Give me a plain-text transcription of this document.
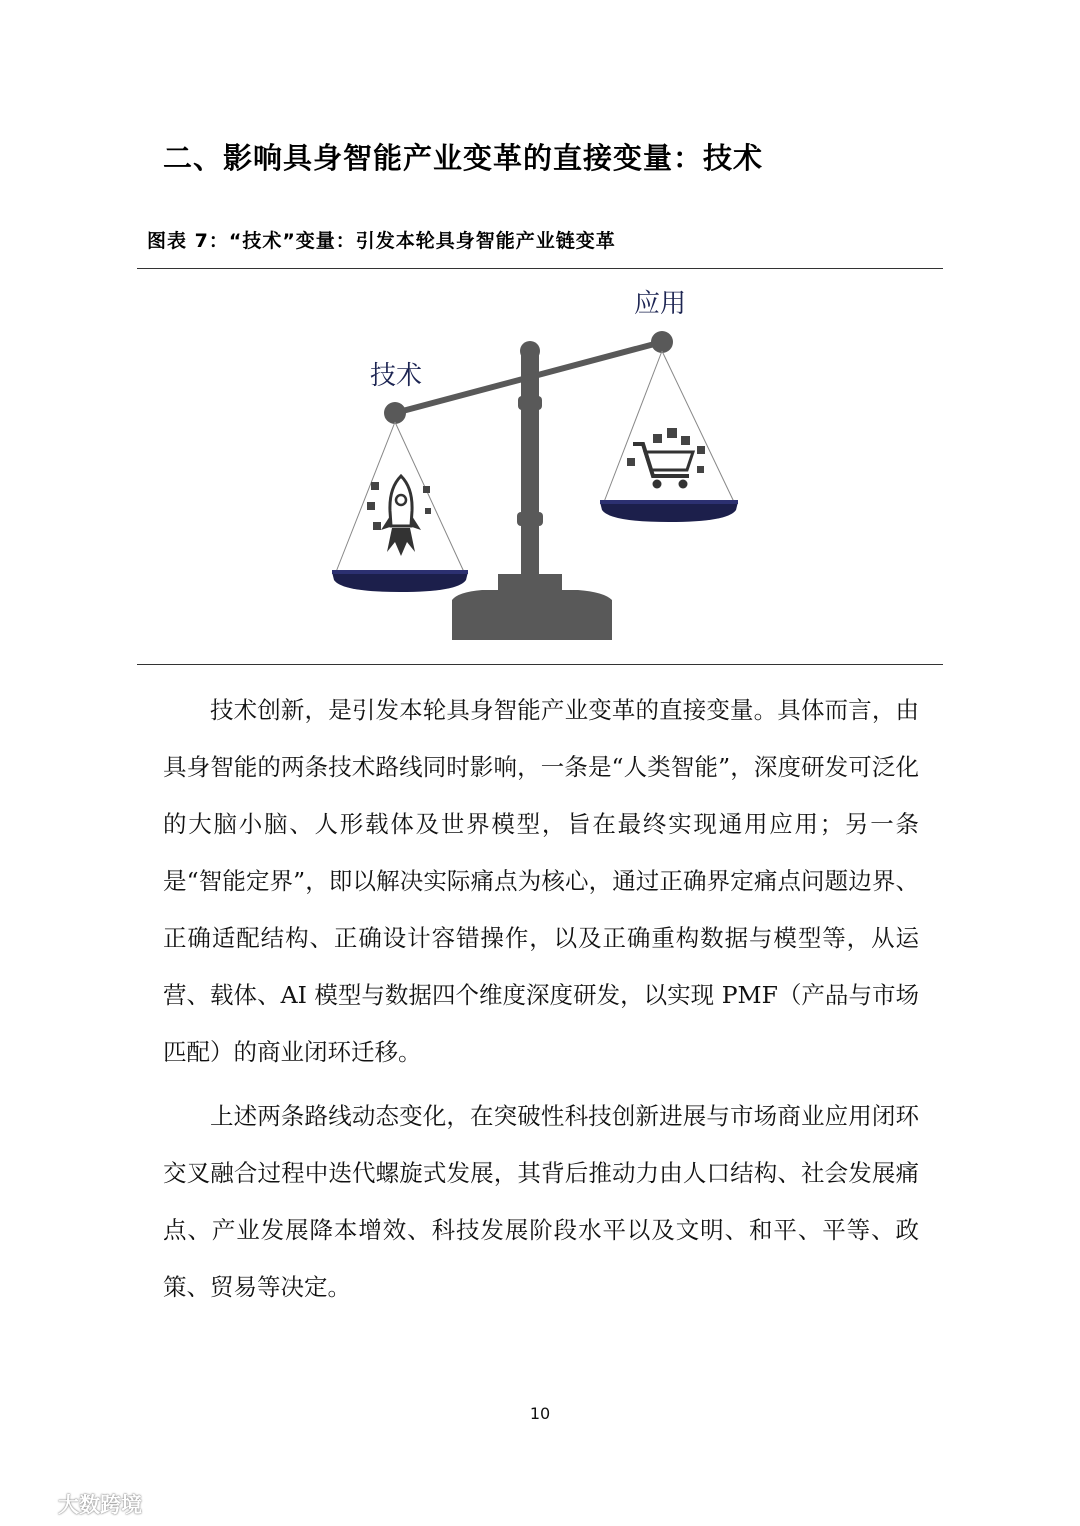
二、影响具身智能产业变革的直接变量：技术
图表 7：“技术”变量：引发本轮具身智能产业链变革
技术
应用

技术创新，是引发本轮具身智能产业变革的直接变量。具体而言，由具身智能的两条技术路线同时影响，一条是“人类智能”，深度研发可泛化的大脑小脑、人形载体及世界模型，旨在最终实现通用应用；另一条是“智能定界”，即以解决实际痛点为核心，通过正确界定痛点问题边界、正确适配结构、正确设计容错操作，以及正确重构数据与模型等，从运营、载体、AI 模型与数据四个维度深度研发，以实现 PMF（产品与市场匹配）的商业闭环迁移。

上述两条路线动态变化，在突破性科技创新进展与市场商业应用闭环交叉融合过程中迭代螺旋式发展，其背后推动力由人口结构、社会发展痛点、产业发展降本增效、科技发展阶段水平以及文明、和平、平等、政策、贸易等决定。

10
大数跨境
